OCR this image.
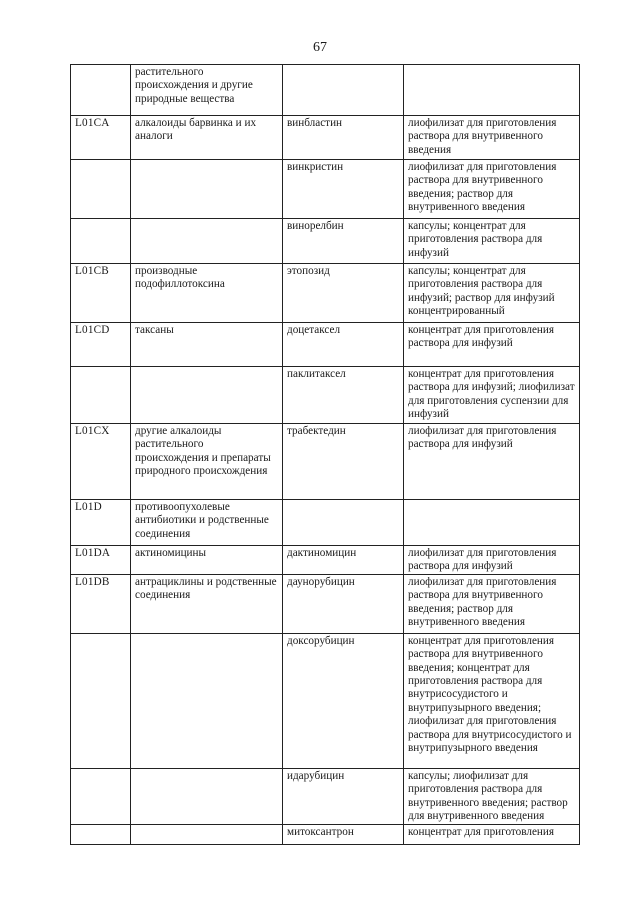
67
	растительного происхождения и другие природные вещества		
L01CA	алкалоиды барвинка и их аналоги	винбластин	лиофилизат для приготовления раствора для внутривенного введения
		винкристин	лиофилизат для приготовления раствора для внутривенного введения; раствор для внутривенного введения
		винорелбин	капсулы; концентрат для приготовления раствора для инфузий
L01CB	производные подофиллотоксина	этопозид	капсулы; концентрат для приготовления раствора для инфузий; раствор для инфузий концентрированный
L01CD	таксаны	доцетаксел	концентрат для приготовления раствора для инфузий
		паклитаксел	концентрат для приготовления раствора для инфузий; лиофилизат для приготовления суспензии для инфузий
L01CX	другие алкалоиды растительного происхождения и препараты природного происхождения	трабектедин	лиофилизат для приготовления раствора для инфузий
L01D	противоопухолевые антибиотики и родственные соединения		
L01DA	актиномицины	дактиномицин	лиофилизат для приготовления раствора для инфузий
L01DB	антрациклины и родственные соединения	даунорубицин	лиофилизат для приготовления раствора для внутривенного введения; раствор для внутривенного введения
		доксорубицин	концентрат для приготовления раствора для внутривенного введения; концентрат для приготовления раствора для внутрисосудистого и внутрипузырного введения; лиофилизат для приготовления раствора для внутрисосудистого и внутрипузырного введения
		идарубицин	капсулы; лиофилизат для приготовления раствора для внутривенного введения; раствор для внутривенного введения
		митоксантрон	концентрат для приготовления
